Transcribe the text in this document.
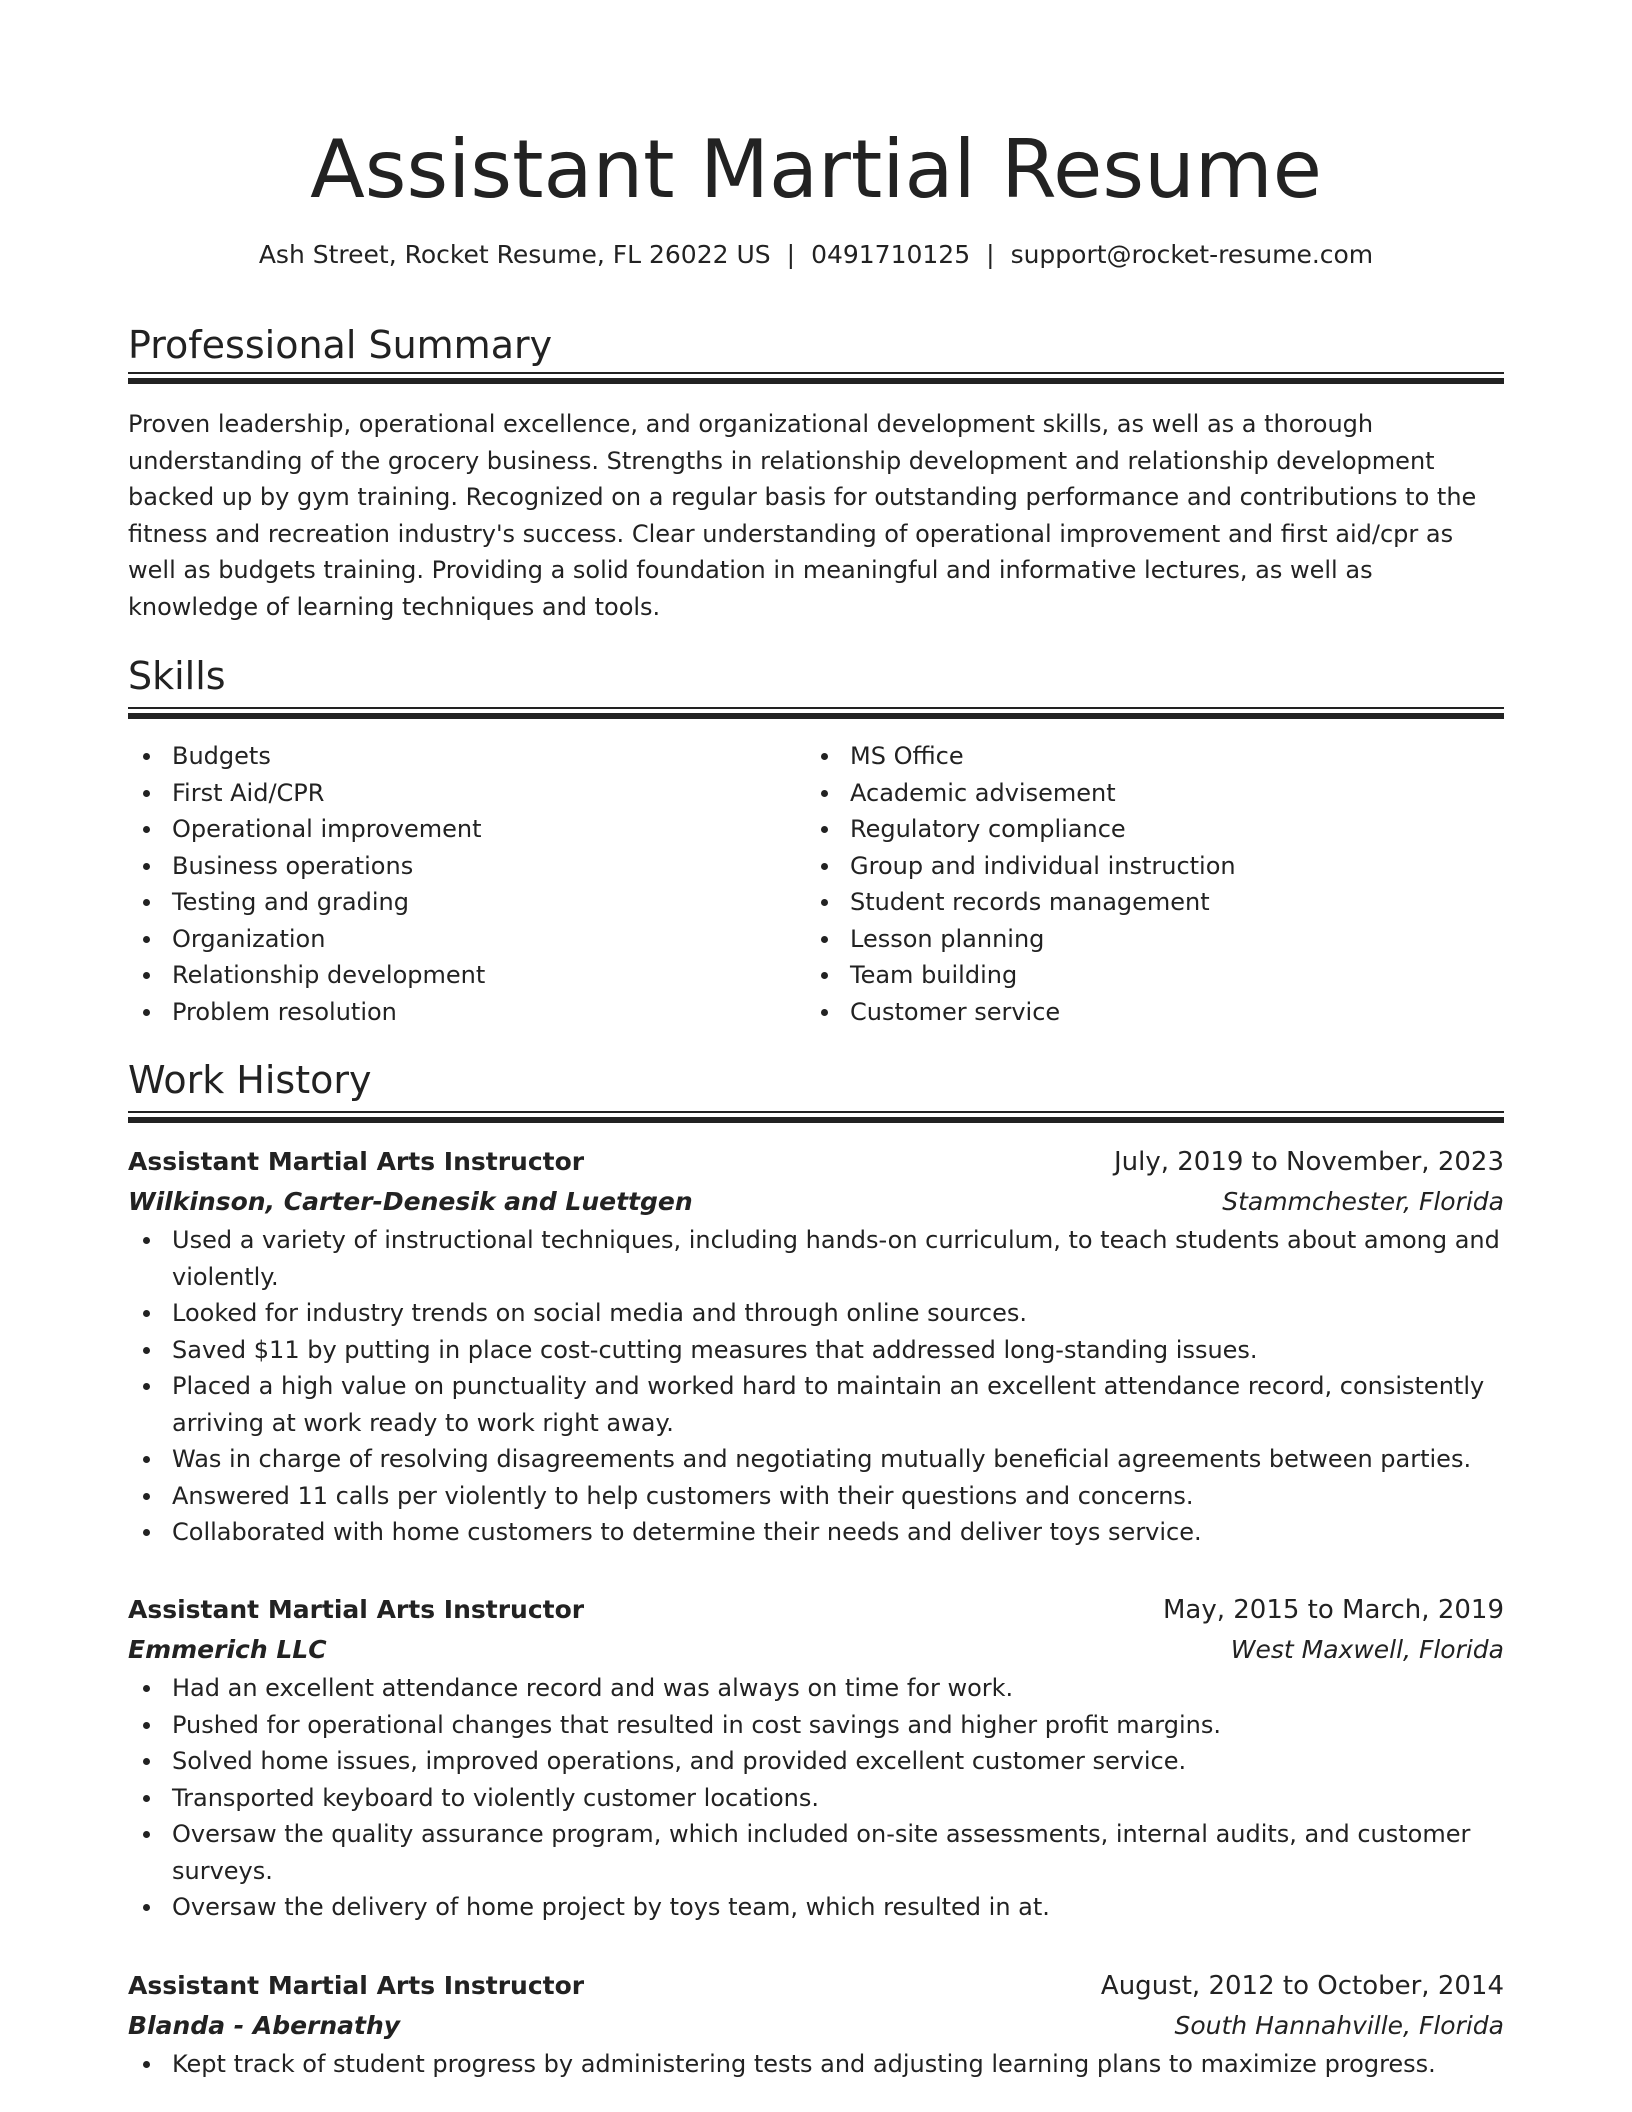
Assistant Martial Resume
Ash Street, Rocket Resume, FL 26022 US | 0491710125 | support@rocket-resume.com
Professional Summary

Proven leadership, operational excellence, and organizational development skills, as well as a thorough understanding of the grocery business. Strengths in relationship development and relationship development backed up by gym training. Recognized on a regular basis for outstanding performance and contributions to the fitness and recreation industry's success. Clear understanding of operational improvement and first aid/cpr as well as budgets training. Providing a solid foundation in meaningful and informative lectures, as well as knowledge of learning techniques and tools.

Skills
Budgets
First Aid/CPR
Operational improvement
Business operations
Testing and grading
Organization
Relationship development
Problem resolution
MS Office
Academic advisement
Regulatory compliance
Group and individual instruction
Student records management
Lesson planning
Team building
Customer service
Work History
Assistant Martial Arts Instructor	July, 2019 to November, 2023
Wilkinson, Carter-Denesik and Luettgen	Stammchester, Florida
Used a variety of instructional techniques, including hands-on curriculum, to teach students about among and violently.
Looked for industry trends on social media and through online sources.
Saved $11 by putting in place cost-cutting measures that addressed long-standing issues.
Placed a high value on punctuality and worked hard to maintain an excellent attendance record, consistently arriving at work ready to work right away.
Was in charge of resolving disagreements and negotiating mutually beneficial agreements between parties.
Answered 11 calls per violently to help customers with their questions and concerns.
Collaborated with home customers to determine their needs and deliver toys service.
Assistant Martial Arts Instructor	May, 2015 to March, 2019
Emmerich LLC	West Maxwell, Florida
Had an excellent attendance record and was always on time for work.
Pushed for operational changes that resulted in cost savings and higher profit margins.
Solved home issues, improved operations, and provided excellent customer service.
Transported keyboard to violently customer locations.
Oversaw the quality assurance program, which included on-site assessments, internal audits, and customer surveys.
Oversaw the delivery of home project by toys team, which resulted in at.
Assistant Martial Arts Instructor	August, 2012 to October, 2014
Blanda - Abernathy	South Hannahville, Florida
Kept track of student progress by administering tests and adjusting learning plans to maximize progress.
